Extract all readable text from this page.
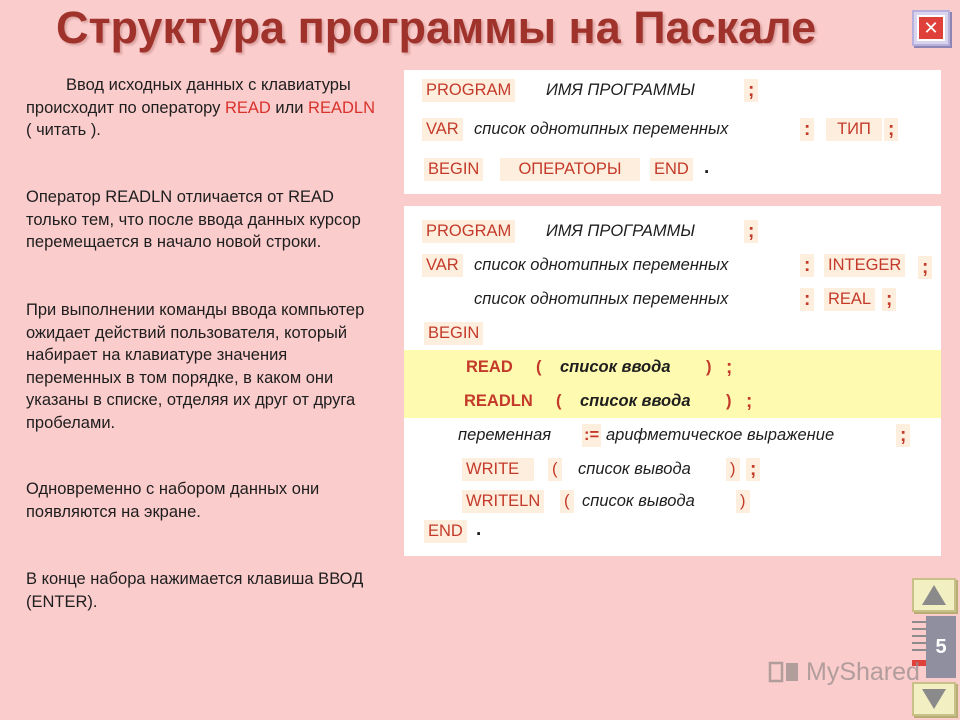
Структура программы на Паскале	✕

Ввод исходных данных с клавиатуры происходит по оператору READ или READLN ( читать ).

Оператор READLN отличается от READ только тем, что после ввода данных курсор перемещается в начало новой строки.

При выполнении команды ввода компьютер ожидает действий пользователя, который набирает на клавиатуре значения переменных в том порядке, в каком они указаны в списке, отделяя их друг от друга пробелами.

Одновременно с набором данных они появляются на экране.

В конце набора нажимается клавиша ВВОД (ENTER).

PROGRAM ИМЯ ПРОГРАММЫ	;
VAR список однотипных переменных	:	ТИП ;
BEGIN	ОПЕРАТОРЫ	END .
PROGRAM ИМЯ ПРОГРАММЫ	;
VAR список однотипных переменных	: INTEGER ;
список однотипных переменных	: REAL ;
BEGIN
READ ( список ввода ) ;
READLN ( список ввода ) ;
переменная := арифметическое выражение	;
WRITE	( список вывода ) ;
WRITELN ( список вывода	)
END .
5
MyShared
